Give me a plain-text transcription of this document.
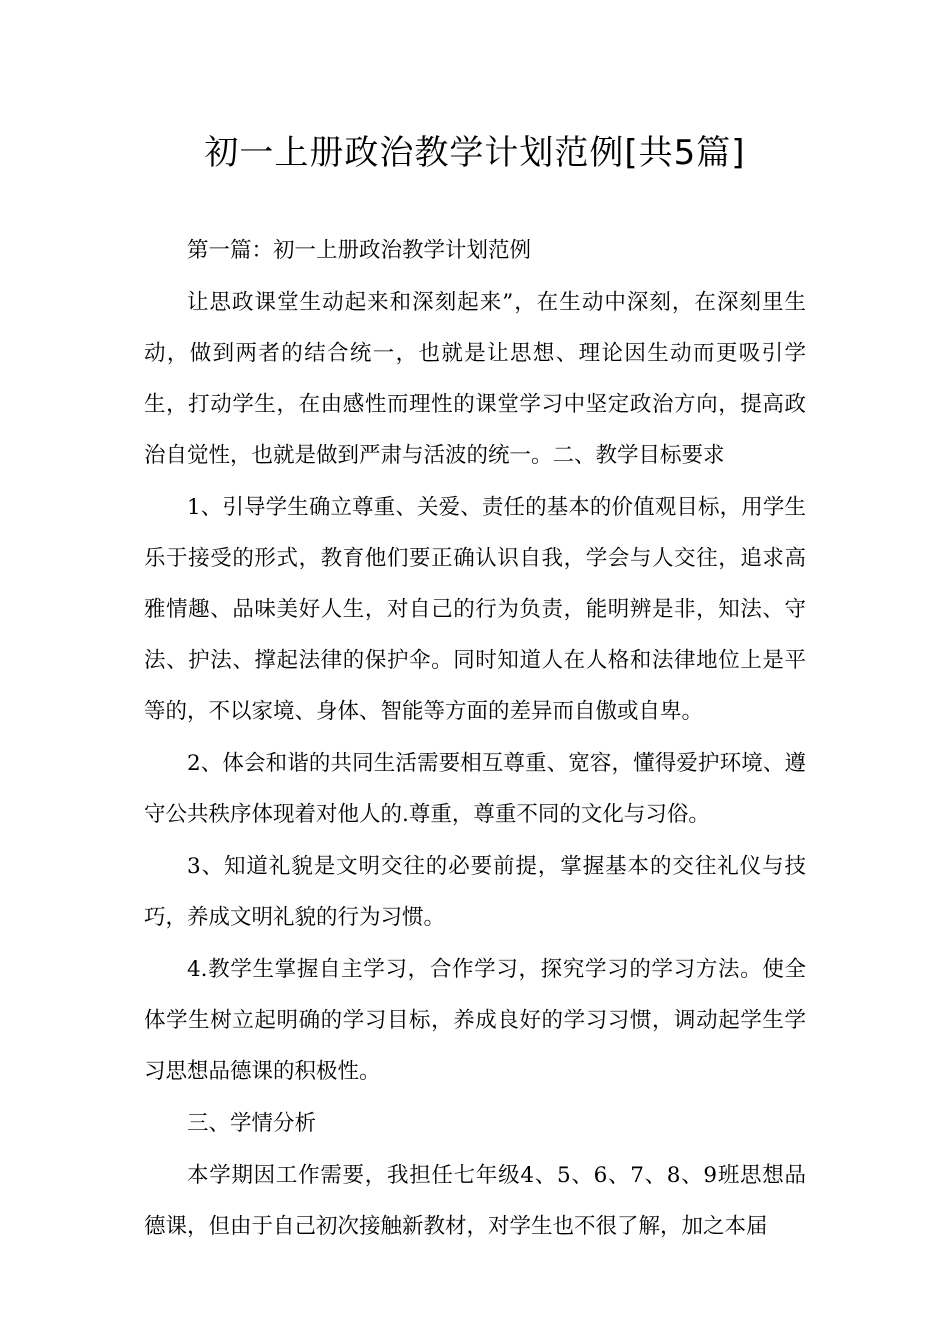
初一上册政治教学计划范例[共5篇]

第一篇：初一上册政治教学计划范例

让思政课堂生动起来和深刻起来”，在生动中深刻，在深刻里生动，做到两者的结合统一，也就是让思想、理论因生动而更吸引学生，打动学生，在由感性而理性的课堂学习中坚定政治方向，提高政治自觉性，也就是做到严肃与活波的统一。二、教学目标要求

1、引导学生确立尊重、关爱、责任的基本的价值观目标，用学生乐于接受的形式，教育他们要正确认识自我，学会与人交往，追求高雅情趣、品味美好人生，对自己的行为负责，能明辨是非，知法、守法、护法、撑起法律的保护伞。同时知道人在人格和法律地位上是平等的，不以家境、身体、智能等方面的差异而自傲或自卑。

2、体会和谐的共同生活需要相互尊重、宽容，懂得爱护环境、遵守公共秩序体现着对他人的.尊重，尊重不同的文化与习俗。

3、知道礼貌是文明交往的必要前提，掌握基本的交往礼仪与技巧，养成文明礼貌的行为习惯。

4.教学生掌握自主学习，合作学习，探究学习的学习方法。使全体学生树立起明确的学习目标，养成良好的学习习惯，调动起学生学习思想品德课的积极性。

三、学情分析

本学期因工作需要，我担任七年级4、5、6、7、8、9班思想品德课，但由于自己初次接触新教材，对学生也不很了解，加之本届
